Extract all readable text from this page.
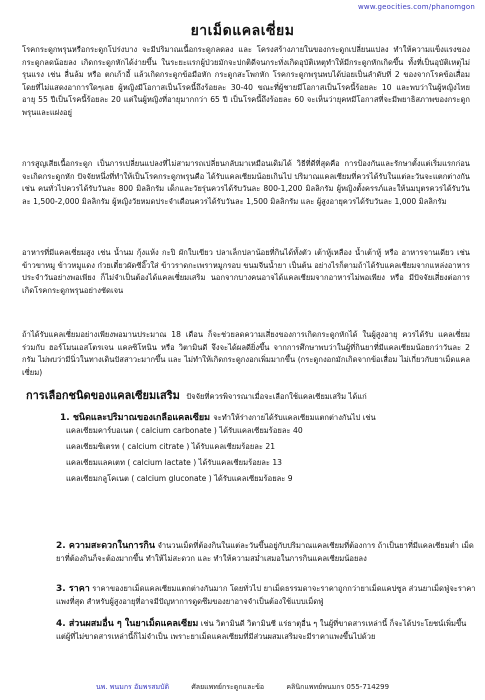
www.geocities.com/phanomgon
ยาเม็ดแคลเซี่ยม
โรคกระดูกพรุนหรือกระดูกโปร่งบาง จะมีปริมาณเนื้อกระดูกลดลง และ โครงสร้างภายในของกระดูกเปลี่ยนแปลง ทำให้ความแข็งแรงของกระดูกลดน้อยลง เกิดกระดูกหักได้ง่ายขึ้น ในระยะแรกผู้ป่วยมักจะปกติดีจนกระทั่งเกิดอุบัติเหตุทำให้มีกระดูกหักเกิดขึ้น ทั้งที่เป็นอุบัติเหตุไม่รุนแรง เช่น ลื่นล้ม หรือ ตกเก้าอี้ แล้วเกิดกระดูกข้อมือหัก กระดูกสะโพกหัก โรคกระดูกพรุนพบได้บ่อยเป็นลำดับที่ 2 ของจากโรคข้อเสื่อม โดยที่ไม่แสดงอาการใดๆเลย ผู้หญิงมีโอกาสเป็นโรคนี้ถึงร้อยละ 30-40 ขณะที่ผู้ชายมีโอกาสเป็นโรคนี้ร้อยละ 10 และพบว่าในผู้หญิงไทยอายุ 55 ปีเป็นโรคนี้ร้อยละ 20 แต่ในผู้หญิงที่อายุมากกว่า 65 ปี เป็นโรคนี้ถึงร้อยละ 60 จะเห็นว่ายุคหมีโอกาสที่จะมีพยาธิสภาพของกระดูกพรุนและแฝงอยู่
การสูญเสียเนื้อกระดูก เป็นการเปลี่ยนแปลงที่ไม่สามารถเปลี่ยนกลับมาเหมือนเดิมได้ วิธีที่ดีที่สุดคือ การป้องกันและรักษาตั้งแต่เริ่มแรกก่อนจะเกิดกระดูกหัก ปัจจัยหนึ่งที่ทำให้เป็นโรคกระดูกพรุนคือ ได้รับแคลเซียมน้อยเกินไป ปริมาณแคลเซียมที่ควรได้รับในแต่ละวันจะแตกต่างกัน เช่น คนทั่วไปควรได้รับวันละ 800 มิลลิกรัม เด็กและวัยรุ่นควรได้รับวันละ 800-1,200 มิลลิกรัม ผู้หญิงตั้งครรภ์และให้นมบุตรควรได้รับวันละ 1,500-2,000 มิลลิกรัม ผู้หญิงวัยหมดประจำเดือนควรได้รับวันละ 1,500 มิลลิกรัม และ ผู้สูงอายุควรได้รับวันละ 1,000 มิลลิกรัม
อาหารที่มีแคลเซี่ยมสูง เช่น น้ำนม กุ้งแห้ง กะปิ ผักใบเขียว ปลาเล็กปลาน้อยที่กินได้ทั้งตัว เต้าหู้เหลือง น้ำเต้าหู้ หรือ อาหารจานเดียว เช่น ข้าวขาหมู ข้าวหมูแดง ก๋วยเตี๋ยวผัดซีอิ๊วใส่ ข้าวราดกะเพราหมูกรอบ ขนมจีนน้ำยา เป็นต้น อย่างไรก็ตามถ้าได้รับแคลเซียมจากแหล่งอาหารประจำวันอย่างพอเพียง ก็ไม่จำเป็นต้องได้แคลเซี่ยมเสริม นอกจากบางคนอาจได้แคลเซียมจากอาหารไม่พอเพียง หรือ มีปัจจัยเสี่ยงต่อการเกิดโรคกระดูกพรุนอย่างชัดเจน
ถ้าได้รับแคลเซี่ยมอย่างเพียงพอมานประมาณ 18 เดือน ก็จะช่วยลดความเสี่ยงของการเกิดกระดูกหักได้ ในผู้สูงอายุ ควรได้รับ แคลเซี่ยม ร่วมกับ ฮอร์โมนเอสโตรเจน แคลซิโทนิน หรือ วิตามินดี จึงจะได้ผลดียิ่งขึ้น จากการศึกษาพบว่าในผู้ที่กินยาที่มีแคลเซียมน้อยกว่าวันละ 2 กรัม ไม่พบว่ามีนิ่วในทางเดินปัสสาวะมากขึ้น และ ไม่ทำให้เกิดกระดูกงอกเพิ่มมากขึ้น (กระดูกงอกมักเกิดจากข้อเสื่อม ไม่เกี่ยวกับยาเม็ดแคลเซี่ยม)
การเลือกชนิดของแคลเซียมเสริม ปัจจัยที่ควรพิจารณาเมื่อจะเลือกใช้แคลเซียมเสริม ได้แก่
1. ชนิดและปริมาณของเกลือแคลเซียม จะทำให้ร่างกายได้รับแคลเซียมแตกต่างกันไป เช่น
แคลเซียมคาร์บอเนต ( calcium carbonate ) ได้รับแคลเซียมร้อยละ 40
แคลเซียมซิเตรท ( calcium citrate ) ได้รับแคลเซียมร้อยละ 21
แคลเซียมแลคเตท ( calcium lactate ) ได้รับแคลเซียมร้อยละ 13
แคลเซียมกลูโคเนต ( calcium gluconate ) ได้รับแคลเซียมร้อยละ 9
2. ความสะดวกในการกิน จำนวนเม็ดที่ต้องกินในแต่ละวันขึ้นอยู่กับปริมาณแคลเซียมที่ต้องการ ถ้าเป็นยาที่มีแคลเซียมต่ำ เม็ดยาที่ต้องกินก็จะต้องมากขึ้น ทำให้ไม่สะดวก และ ทำให้ความสม่ำเสมอในการกินแคลเซียมน้อยลง
3. ราคา ราคาของยาเม็ดแคลเซียมแตกต่างกันมาก โดยทั่วไป ยาเม็ดธรรมดาจะราคาถูกกว่ายาเม็ดแคปซูล ส่วนยาเม็ดฟู่จะราคาแพงที่สุด สำหรับผู้สูงอายุที่อาจมีปัญหาการดูดซึมของยาอาจจำเป็นต้องใช้แบบเม็ดฟู่
4. ส่วนผสมอื่น ๆ ในยาเม็ดแคลเซียม เช่น วิตามินดี วิตามินซี แร่ธาตุอื่น ๆ ในผู้ที่ขาดสารเหล่านี้ ก็จะได้ประโยชน์เพิ่มขึ้น แต่ผู้ที่ไม่ขาดสารเหล่านี้ก็ไม่จำเป็น เพราะยาเม็ดแคลเซียมที่มีส่วนผสมเสริมจะมีราคาแพงขึ้นไปด้วย
นพ. พนมกร อัมพรสมบัติ	ศัลยแพทย์กระดูกและข้อ	คลินิกแพทย์พนมกร 055-714299
